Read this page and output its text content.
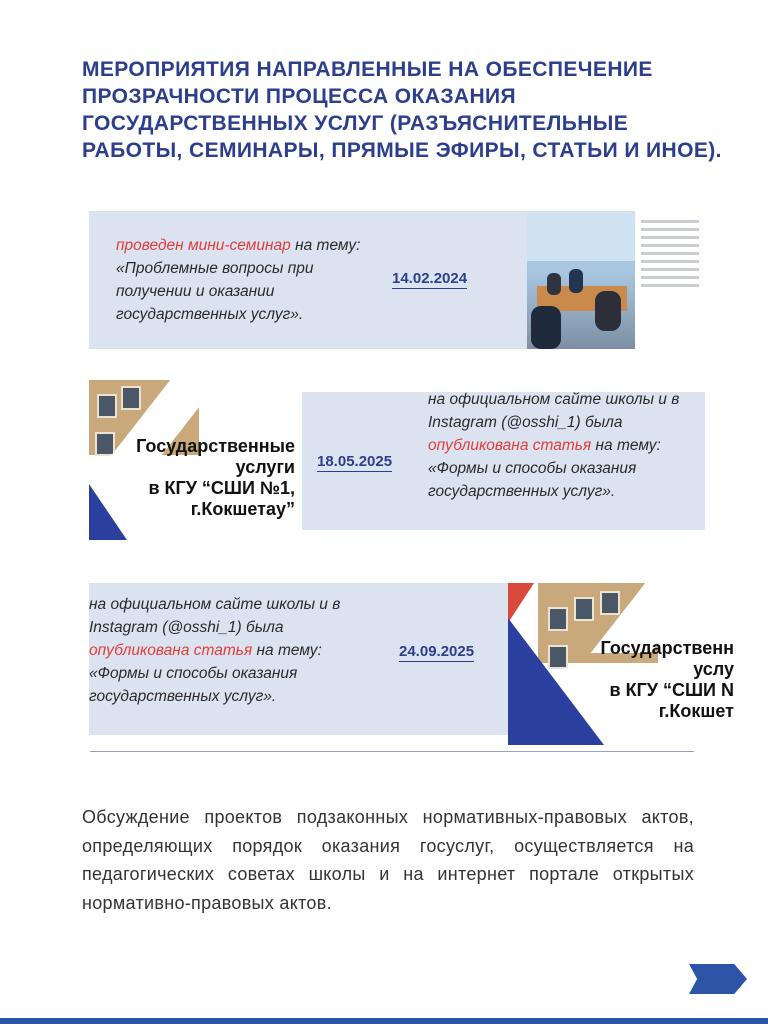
МЕРОПРИЯТИЯ НАПРАВЛЕННЫЕ НА ОБЕСПЕЧЕНИЕ ПРОЗРАЧНОСТИ ПРОЦЕССА ОКАЗАНИЯ ГОСУДАРСТВЕННЫХ УСЛУГ (РАЗЪЯСНИТЕЛЬНЫЕ РАБОТЫ, СЕМИНАРЫ, ПРЯМЫЕ ЭФИРЫ, СТАТЬИ И ИНОЕ).
проведен мини-семинар на тему: «Проблемные вопросы при получении и оказании государственных услуг».
14.02.2024
Государственные
услуги
в КГУ “СШИ №1,
г.Кокшетау”
18.05.2025
на официальном сайте школы и в Instagram (@osshi_1) была опубликована статья на тему: «Формы и способы оказания государственных услуг».
на официальном сайте школы и в Instagram (@osshi_1) была опубликована статья на тему: «Формы и способы оказания государственных услуг».
24.09.2025	Государственн
услу
в КГУ “СШИ N
г.Кокшет

Обсуждение проектов подзаконных нормативных-правовых актов, определяющих порядок оказания госуслуг, осуществляется на педагогических советах школы и на интернет портале открытых нормативно-правовых актов.
